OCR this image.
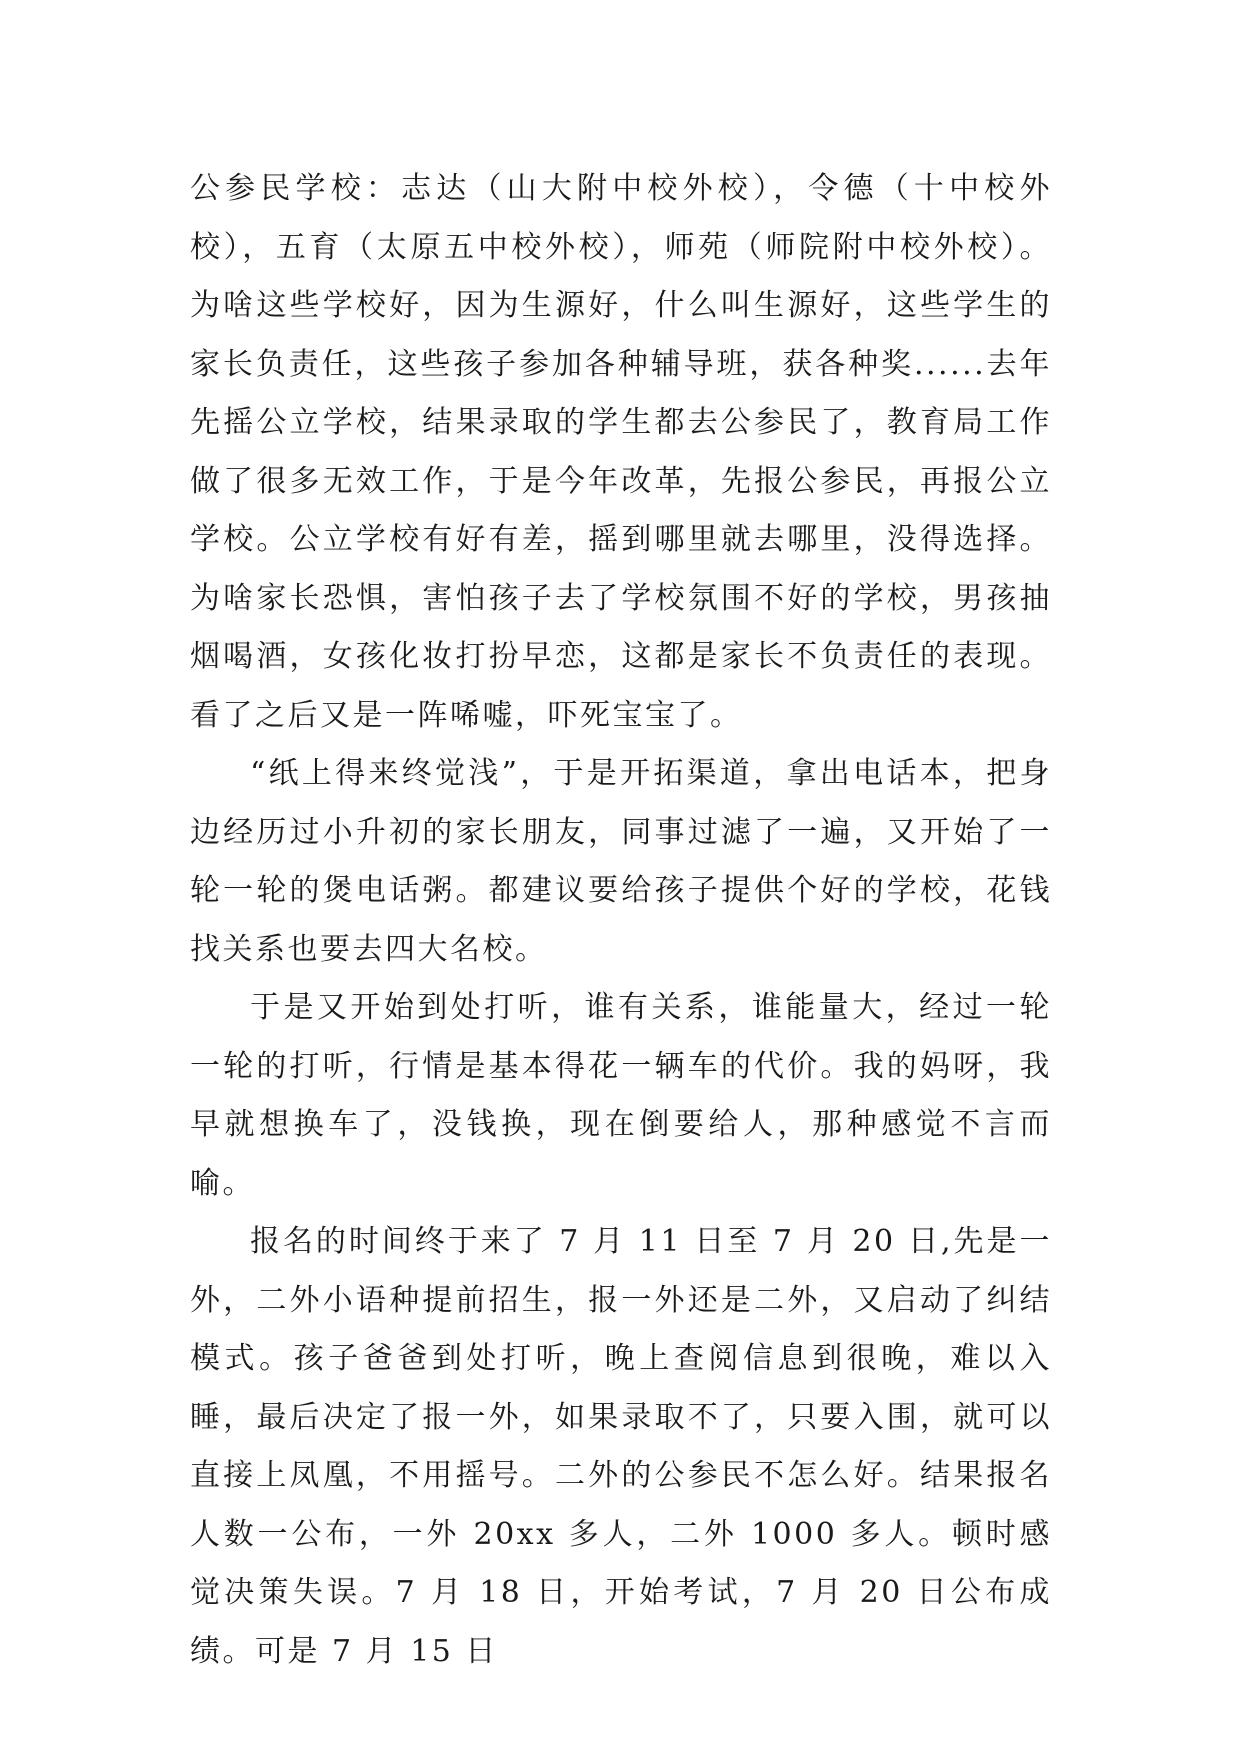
公参民学校：志达（山大附中校外校），令德（十中校外校），五育（太原五中校外校），师苑（师院附中校外校）。为啥这些学校好，因为生源好，什么叫生源好，这些学生的家长负责任，这些孩子参加各种辅导班，获各种奖......去年先摇公立学校，结果录取的学生都去公参民了，教育局工作做了很多无效工作，于是今年改革，先报公参民，再报公立学校。公立学校有好有差，摇到哪里就去哪里，没得选择。为啥家长恐惧，害怕孩子去了学校氛围不好的学校，男孩抽烟喝酒，女孩化妆打扮早恋，这都是家长不负责任的表现。看了之后又是一阵唏嘘，吓死宝宝了。

“纸上得来终觉浅”，于是开拓渠道，拿出电话本，把身边经历过小升初的家长朋友，同事过滤了一遍，又开始了一轮一轮的煲电话粥。都建议要给孩子提供个好的学校，花钱找关系也要去四大名校。

于是又开始到处打听，谁有关系，谁能量大，经过一轮一轮的打听，行情是基本得花一辆车的代价。我的妈呀，我早就想换车了，没钱换，现在倒要给人，那种感觉不言而喻。

报名的时间终于来了 7 月 11 日至 7 月 20 日,先是一外，二外小语种提前招生，报一外还是二外，又启动了纠结模式。孩子爸爸到处打听，晚上查阅信息到很晚，难以入睡，最后决定了报一外，如果录取不了，只要入围，就可以直接上凤凰，不用摇号。二外的公参民不怎么好。结果报名人数一公布，一外 20xx 多人，二外 1000 多人。顿时感觉决策失误。7 月 18 日，开始考试，7 月 20 日公布成绩。可是 7 月 15 日
